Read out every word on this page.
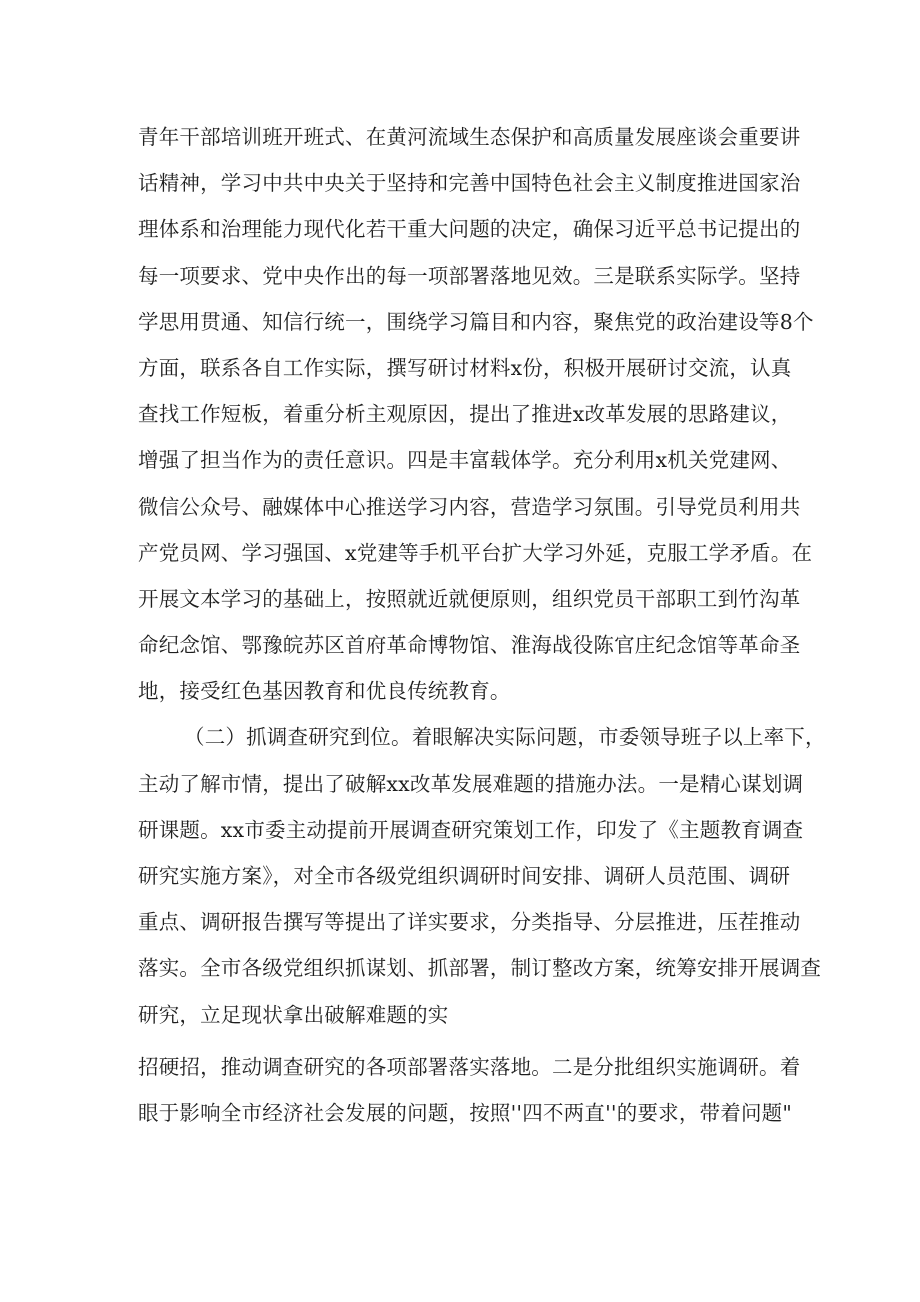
青年干部培训班开班式、在黄河流域生态保护和高质量发展座谈会重要讲
话精神，学习中共中央关于坚持和完善中国特色社会主义制度推进国家治
理体系和治理能力现代化若干重大问题的决定，确保习近平总书记提出的
每一项要求、党中央作出的每一项部署落地见效。三是联系实际学。坚持
学思用贯通、知信行统一，围绕学习篇目和内容，聚焦党的政治建设等8个
方面，联系各自工作实际，撰写研讨材料x份，积极开展研讨交流，认真
查找工作短板，着重分析主观原因，提出了推进x改革发展的思路建议，
增强了担当作为的责任意识。四是丰富载体学。充分利用x机关党建网、
微信公众号、融媒体中心推送学习内容，营造学习氛围。引导党员利用共
产党员网、学习强国、x党建等手机平台扩大学习外延，克服工学矛盾。在
开展文本学习的基础上，按照就近就便原则，组织党员干部职工到竹沟革
命纪念馆、鄂豫皖苏区首府革命博物馆、淮海战役陈官庄纪念馆等革命圣
地，接受红色基因教育和优良传统教育。
（二）抓调查研究到位。着眼解决实际问题，市委领导班子以上率下，
主动了解市情，提出了破解xx改革发展难题的措施办法。一是精心谋划调
研课题。xx市委主动提前开展调查研究策划工作，印发了《主题教育调查
研究实施方案》，对全市各级党组织调研时间安排、调研人员范围、调研
重点、调研报告撰写等提出了详实要求，分类指导、分层推进，压茬推动
落实。全市各级党组织抓谋划、抓部署，制订整改方案，统筹安排开展调查
研究，立足现状拿出破解难题的实
招硬招，推动调查研究的各项部署落实落地。二是分批组织实施调研。着
眼于影响全市经济社会发展的问题，按照''四不两直''的要求，带着问题"
